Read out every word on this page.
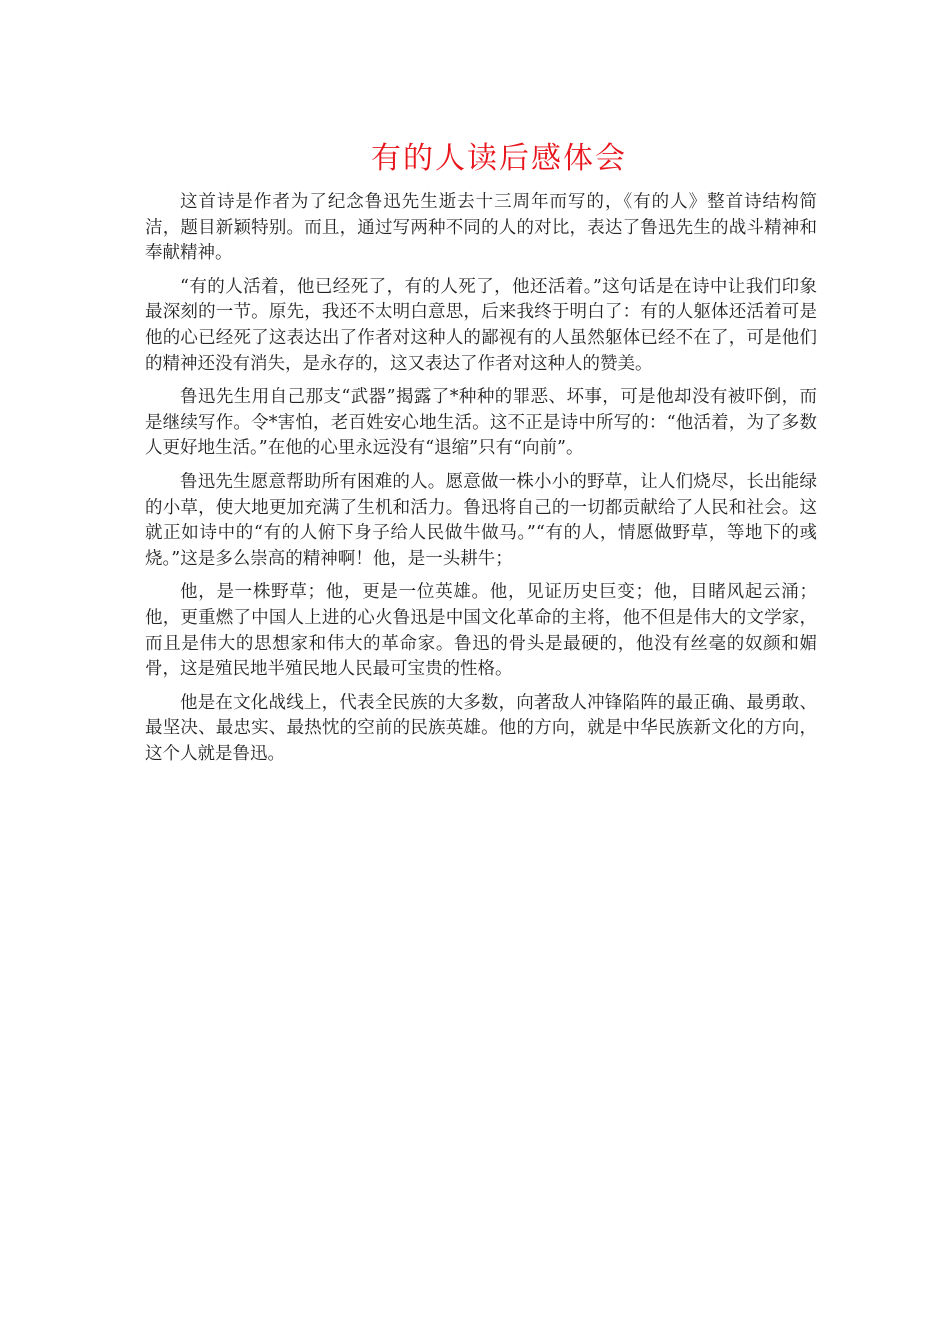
有的人读后感体会

这首诗是作者为了纪念鲁迅先生逝去十三周年而写的，《有的人》整首诗结构简洁，题目新颖特别。而且，通过写两种不同的人的对比，表达了鲁迅先生的战斗精神和奉献精神。

“有的人活着，他已经死了，有的人死了，他还活着。”这句话是在诗中让我们印象最深刻的一节。原先，我还不太明白意思，后来我终于明白了：有的人躯体还活着可是他的心已经死了这表达出了作者对这种人的鄙视有的人虽然躯体已经不在了，可是他们的精神还没有消失，是永存的，这又表达了作者对这种人的赞美。

鲁迅先生用自己那支“武器”揭露了*种种的罪恶、坏事，可是他却没有被吓倒，而是继续写作。令*害怕，老百姓安心地生活。这不正是诗中所写的：“他活着，为了多数人更好地生活。”在他的心里永远没有“退缩”只有“向前”。

鲁迅先生愿意帮助所有困难的人。愿意做一株小小的野草，让人们烧尽，长出能绿的小草，使大地更加充满了生机和活力。鲁迅将自己的一切都贡献给了人民和社会。这就正如诗中的“有的人俯下身子给人民做牛做马。”“有的人，情愿做野草，等地下的彧烧。”这是多么崇高的精神啊！他，是一头耕牛；

他，是一株野草；他，更是一位英雄。他，见证历史巨变；他，目睹风起云涌；他，更重燃了中国人上进的心火鲁迅是中国文化革命的主将，他不但是伟大的文学家，而且是伟大的思想家和伟大的革命家。鲁迅的骨头是最硬的，他没有丝毫的奴颜和媚骨，这是殖民地半殖民地人民最可宝贵的性格。

他是在文化战线上，代表全民族的大多数，向著敌人冲锋陷阵的最正确、最勇敢、最坚决、最忠实、最热忱的空前的民族英雄。他的方向，就是中华民族新文化的方向，这个人就是鲁迅。
